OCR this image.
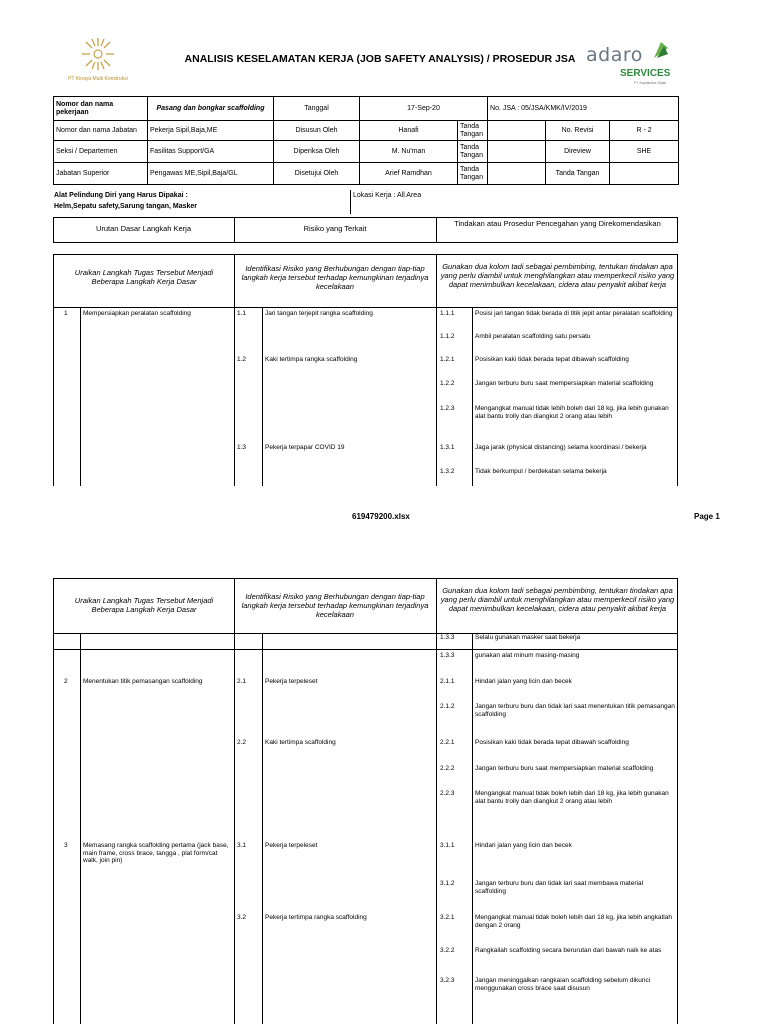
PT Kinaya Multi Konstruksi
ANALISIS KESELAMATAN KERJA (JOB SAFETY ANALYSIS) / PROSEDUR JSA adaro
SERVICES
PT Saptaindra Sejati
Nomor dan nama pekerjaan	Pasang dan bongkar scaffolding	Tanggal	17-Sep-20		No. JSA : 05/JSA/KMK/IV/2019		
Nomor dan nama Jabatan	Pekerja Sipil,Baja,ME	Disusun Oleh	Hanafi	Tanda Tangan		No. Revisi	R - 2
Seksi / Departemen	Fasilitas Support/GA	Diperiksa Oleh	M. Nu'man	Tanda Tangan		Direview	SHE
Jabatan Superior	Pengawas ME,Sipil,Baja/GL	Disetujui Oleh	Arief Ramdhan	Tanda Tangan		Tanda Tangan	
Alat Pelindung Diri yang Harus Dipakai :
Helm,Sepatu safety,Sarung tangan, Masker
Lokasi Kerja : All Area
Urutan Dasar Langkah Kerja	Risiko yang Terkait
Tindakan atau Prosedur Pencegahan yang Direkomendasikan
Uraikan Langkah Tugas Tersebut Menjadi Beberapa Langkah Kerja Dasar
Identifikasi Risiko yang Berhubungan dengan tiap-tiap langkah kerja tersebut terhadap kemungkinan terjadinya kecelakaan
Gunakan dua kolom tadi sebagai pembimbing, tentukan tindakan apa yang perlu diambil untuk menghilangkan atau memperkecil risiko yang dapat menimbulkan kecelakaan, cidera atau penyakit akibat kerja
1 Mempersiapkan peralatan scaffolding	1.1	Jari tangan terjepit rangka scaffolding	1.1.1	Posisi jari tangan tidak berada di titik jepit antar peralatan scaffolding
1.1.2	Ambil peralatan scaffolding satu persatu
1.2	Kaki tertimpa rangka scaffolding	1.2.1	Posisikan kaki tidak berada tepat dibawah scaffolding
1.2.2	Jangan terburu buru saat mempersiapkan material scaffolding
1.2.3	Mengangkat manual tidak lebih boleh dari 18 kg, jika lebih gunakan alat bantu trolly dan diangkut 2 orang atau lebih
1.3	Pekerja terpapar COVID 19	1.3.1	Jaga jarak (physical distancing) selama koordinasi / bekerja
1.3.2	Tidak berkumpul / berdekatan selama bekerja
619479200.xlsx	Page 1
Uraikan Langkah Tugas Tersebut Menjadi Beberapa Langkah Kerja Dasar
Identifikasi Risiko yang Berhubungan dengan tiap-tiap langkah kerja tersebut terhadap kemungkinan terjadinya kecelakaan
Gunakan dua kolom tadi sebagai pembimbing, tentukan tindakan apa yang perlu diambil untuk menghilangkan atau memperkecil risiko yang dapat menimbulkan kecelakaan, cidera atau penyakit akibat kerja
1.3.3	Selalu gunakan masker saat bekerja
1.3.3	gunakan alat minum masing-masing
2 Menentukan titik pemasangan scaffolding	2.1	Pekerja terpeleset	2.1.1	Hindari jalan yang licin dan becek
2.1.2	Jangan terburu buru dan tidak lari saat menentukan titik pemasangan scaffolding
2.2	Kaki tertimpa scaffolding	2.2.1	Posisikan kaki tidak berada tepat dibawah scaffolding
2.2.2	Jangan terburu buru saat mempersiapkan material scaffolding
2.2.3	Mengangkat manual tidak boleh lebih dari 18 kg, jika lebih gunakan alat bantu trolly dan diangkut 2 orang atau lebih
3 Memasang rangka scaffolding pertama (jack base, main frame, cross brace, tangga , plat form/cat walk, join pin)
3.1	Pekerja terpeleset	3.1.1	Hindari jalan yang licin dan becek
3.1.2	Jangan terburu buru dan tidak lari saat membawa material scaffolding
3.2	Pekerja tertimpa rangka scaffolding	3.2.1	Mengangkat manual tidak boleh lebih dari 18 kg, jika lebih angkatlah dengan 2 orang
3.2.2	Rangkailah scaffolding secara berurutan dari bawah naik ke atas
3.2.3	Jangan meninggalkan rangkaian scaffolding sebelum dikunci menggunakan cross brace saat disusun
